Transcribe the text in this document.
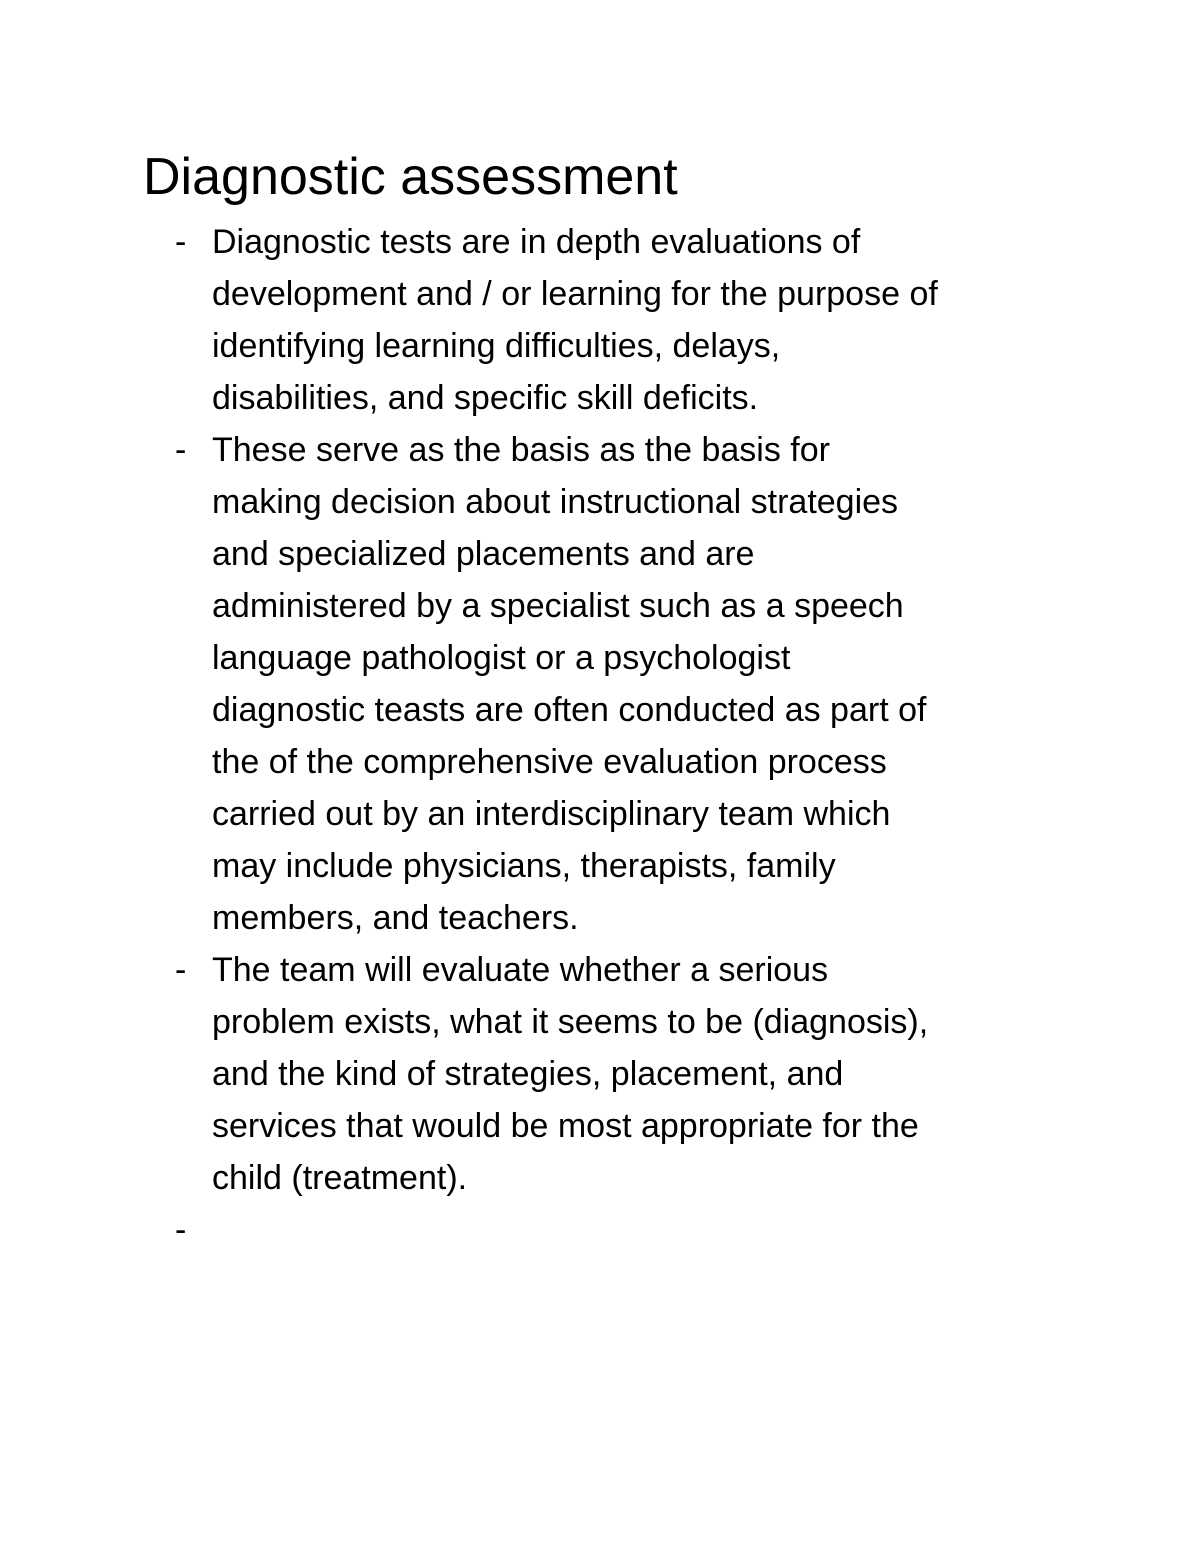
Diagnostic assessment
- Diagnostic tests are in depth evaluations of
development and / or learning for the purpose of
identifying learning difficulties, delays,
disabilities, and specific skill deficits.
- These serve as the basis as the basis for
making decision about instructional strategies
and specialized placements and are
administered by a specialist such as a speech
language pathologist or a psychologist
diagnostic teasts are often conducted as part of
the of the comprehensive evaluation process
carried out by an interdisciplinary team which
may include physicians, therapists, family
members, and teachers.
- The team will evaluate whether a serious
problem exists, what it seems to be (diagnosis),
and the kind of strategies, placement, and
services that would be most appropriate for the
child (treatment).
-
